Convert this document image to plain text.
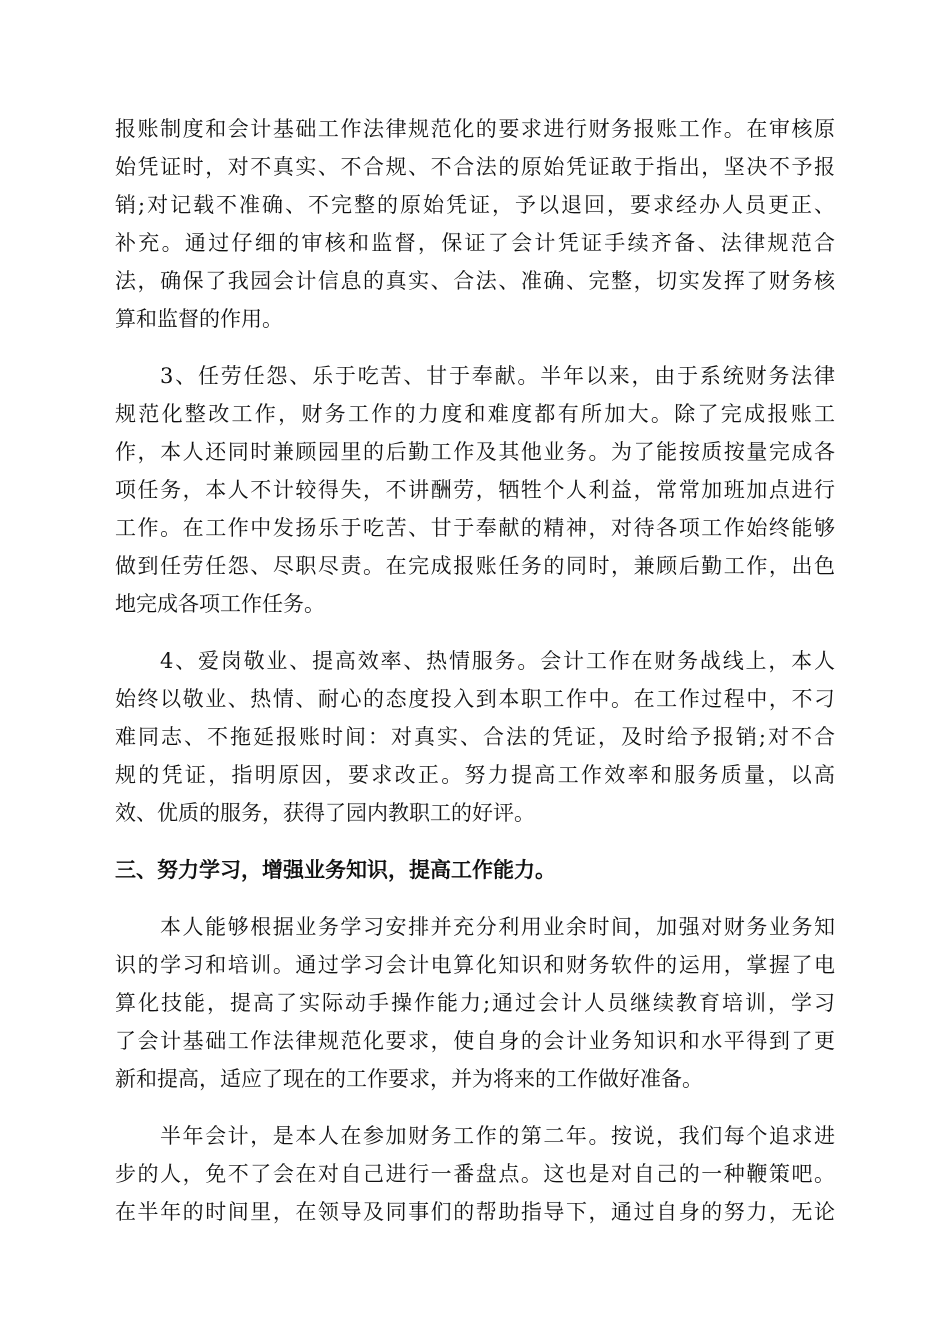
报账制度和会计基础工作法律规范化的要求进行财务报账工作。在审核原
始凭证时，对不真实、不合规、不合法的原始凭证敢于指出，坚决不予报
销;对记载不准确、不完整的原始凭证，予以退回，要求经办人员更正、
补充。通过仔细的审核和监督，保证了会计凭证手续齐备、法律规范合
法，确保了我园会计信息的真实、合法、准确、完整，切实发挥了财务核
算和监督的作用。
3、任劳任怨、乐于吃苦、甘于奉献。半年以来，由于系统财务法律
规范化整改工作，财务工作的力度和难度都有所加大。除了完成报账工
作，本人还同时兼顾园里的后勤工作及其他业务。为了能按质按量完成各
项任务，本人不计较得失，不讲酬劳，牺牲个人利益，常常加班加点进行
工作。在工作中发扬乐于吃苦、甘于奉献的精神，对待各项工作始终能够
做到任劳任怨、尽职尽责。在完成报账任务的同时，兼顾后勤工作，出色
地完成各项工作任务。
4、爱岗敬业、提高效率、热情服务。会计工作在财务战线上，本人
始终以敬业、热情、耐心的态度投入到本职工作中。在工作过程中，不刁
难同志、不拖延报账时间：对真实、合法的凭证，及时给予报销;对不合
规的凭证，指明原因，要求改正。努力提高工作效率和服务质量，以高
效、优质的服务，获得了园内教职工的好评。
三、努力学习，增强业务知识，提高工作能力。
本人能够根据业务学习安排并充分利用业余时间，加强对财务业务知
识的学习和培训。通过学习会计电算化知识和财务软件的运用，掌握了电
算化技能，提高了实际动手操作能力;通过会计人员继续教育培训，学习
了会计基础工作法律规范化要求，使自身的会计业务知识和水平得到了更
新和提高，适应了现在的工作要求，并为将来的工作做好准备。
半年会计，是本人在参加财务工作的第二年。按说，我们每个追求进
步的人，免不了会在对自己进行一番盘点。这也是对自己的一种鞭策吧。
在半年的时间里，在领导及同事们的帮助指导下，通过自身的努力，无论
